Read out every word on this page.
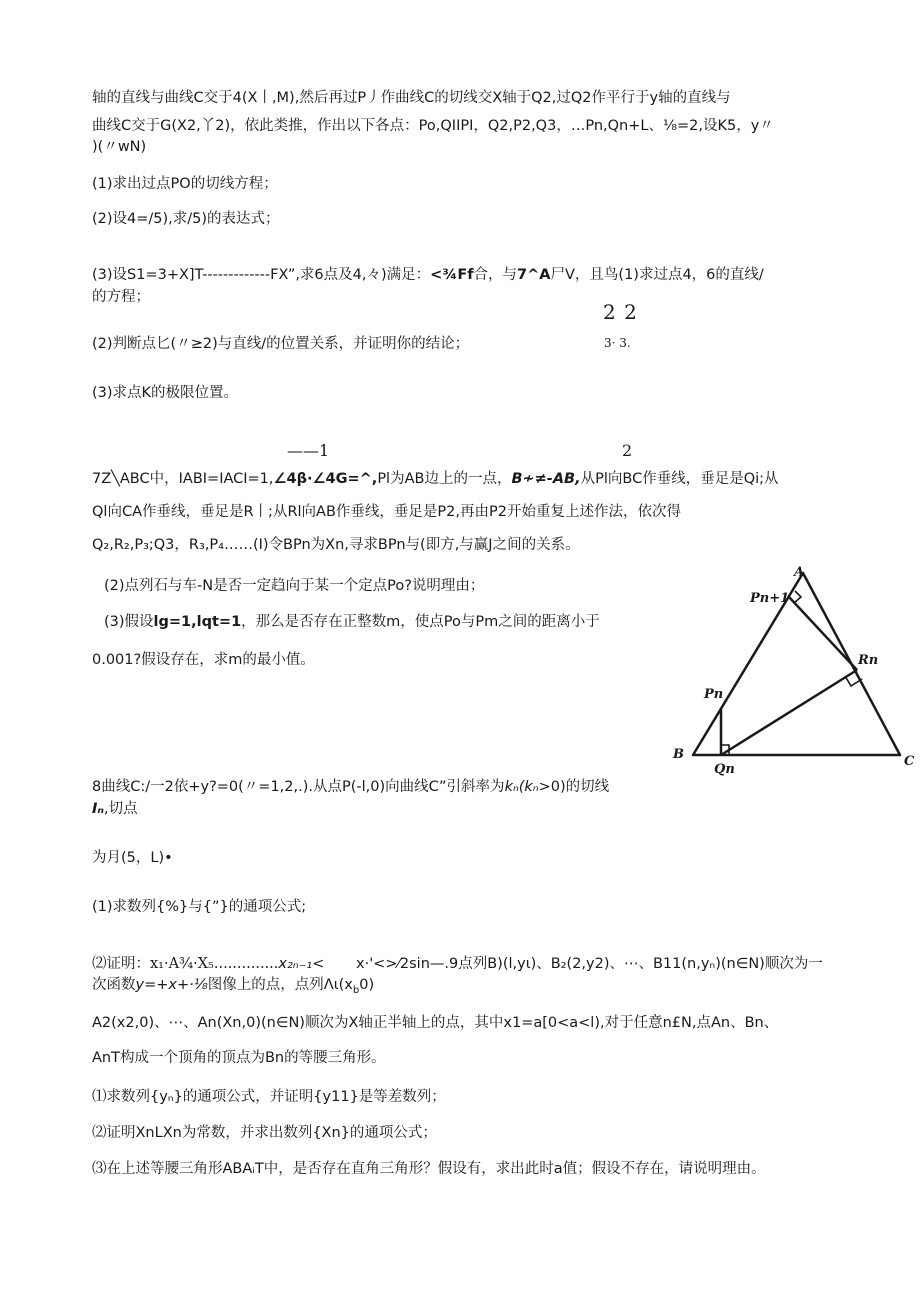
轴的直线与曲线C交于4(X丨,M),然后再过P丿作曲线C的切线交X轴于Q2,过Q2作平行于y轴的直线与
曲线C交于G(X2,丫2)，依此类推，作出以下各点：Po,QIIPI，Q2,P2,Q3，…Pn,Qn+L、⅛=2,设K5，y〃
)(〃wN)
(1)求出过点PO的切线方程；
(2)设4=/5),求/5)的表达式；
(3)设S1=3+X]T-------------FX”,求6点及4,々)满足：<¾Ff合，与7^A尸V，且鸟(1)求过点4，6的直线/
的方程；
2 2
3· 3.
(2)判断点匕(〃≥2)与直线/的位置关系，并证明你的结论；
(3)求点K的极限位置。
——1	2
7Z╲ABC中，IABI=IACI=1,∠4β·∠4G=^,Pl为AB边上的一点，B≁≠-AB,从Pl向BC作垂线，垂足是Qi;从
Ql向CA作垂线，垂足是R丨;从Rl向AB作垂线，垂足是P2,再由P2开始重复上述作法，依次得
Q₂,R₂,P₃;Q3，R₃,P₄……(I)令BPn为Xn,寻求BPn与(即方,与赢J之间的关系。
(2)点列石与车-N是否一定趋向于某一个定点Po?说明理由；
(3)假设lg=1,lqt=1，那么是否存在正整数m，使点Po与Pm之间的距离小于
0.001?假设存在，求m的最小值。
A
Pn+1
Rn
Pn
B
Qn
C
8曲线C:/一2依+y?=0(〃=1,2,.).从点P(-l,0)向曲线C”引斜率为kₙ(kₙ>0)的切线
Iₙ,切点
为月(5，L)•
(1)求数列{%}与{”}的通项公式;
⑵证明：x₁·A¾·X₅..............x₂ₙ₋₁< ⅹ·'<>⁄2sin—.9点列B)(l,yι)、B₂(2,y2)、⋯、B11(n,yₙ)(n∈N)顺次为一
次函数y=+x+·⅛图像上的点，点列$\Lambda\iota(x_b0)$
A2(x2,0)、⋯、An(Xn,0)(n∈N)顺次为X轴正半轴上的点，其中x1=a[0<a<l),对于任意n£N,点An、Bn、
AnT构成一个顶角的顶点为Bn的等腰三角形。
⑴求数列{yₙ}的通项公式，并证明{y11}是等差数列；
⑵证明XnLXn为常数，并求出数列{Xn}的通项公式；
⑶在上述等腰三角形ABAᵢT中，是否存在直角三角形？假设有，求出此时a值；假设不存在，请说明理由。
